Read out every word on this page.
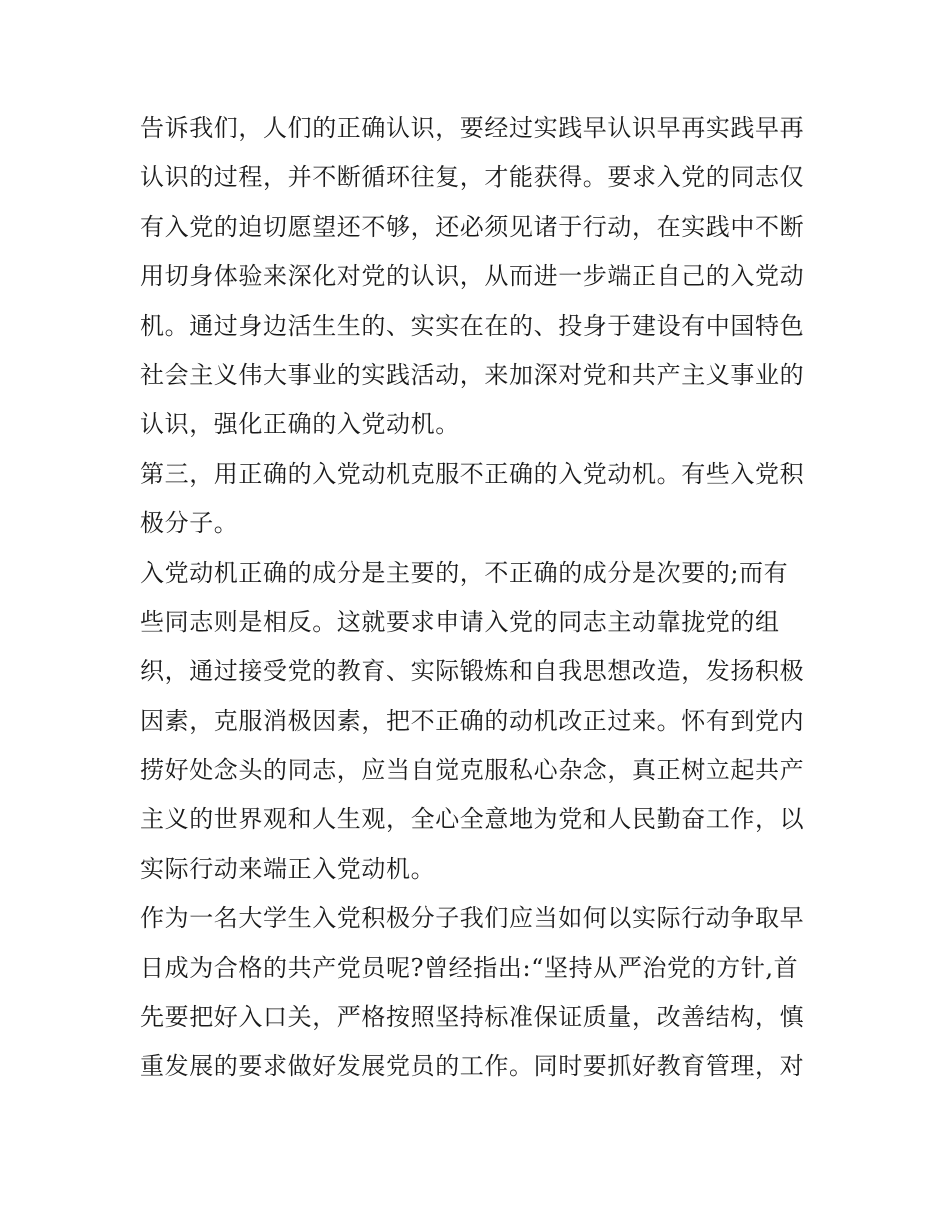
告诉我们，人们的正确认识，要经过实践早认识早再实践早再
认识的过程，并不断循环往复，才能获得。要求入党的同志仅
有入党的迫切愿望还不够，还必须见诸于行动，在实践中不断
用切身体验来深化对党的认识，从而进一步端正自己的入党动
机。通过身边活生生的、实实在在的、投身于建设有中国特色
社会主义伟大事业的实践活动，来加深对党和共产主义事业的
认识，强化正确的入党动机。
第三，用正确的入党动机克服不正确的入党动机。有些入党积
极分子。
入党动机正确的成分是主要的，不正确的成分是次要的;而有
些同志则是相反。这就要求申请入党的同志主动靠拢党的组
织，通过接受党的教育、实际锻炼和自我思想改造，发扬积极
因素，克服消极因素，把不正确的动机改正过来。怀有到党内
捞好处念头的同志，应当自觉克服私心杂念，真正树立起共产
主义的世界观和人生观，全心全意地为党和人民勤奋工作，以
实际行动来端正入党动机。
作为一名大学生入党积极分子我们应当如何以实际行动争取早
日成为合格的共产党员呢?曾经指出:“坚持从严治党的方针,首
先要把好入口关，严格按照坚持标准保证质量，改善结构，慎
重发展的要求做好发展党员的工作。同时要抓好教育管理，对
